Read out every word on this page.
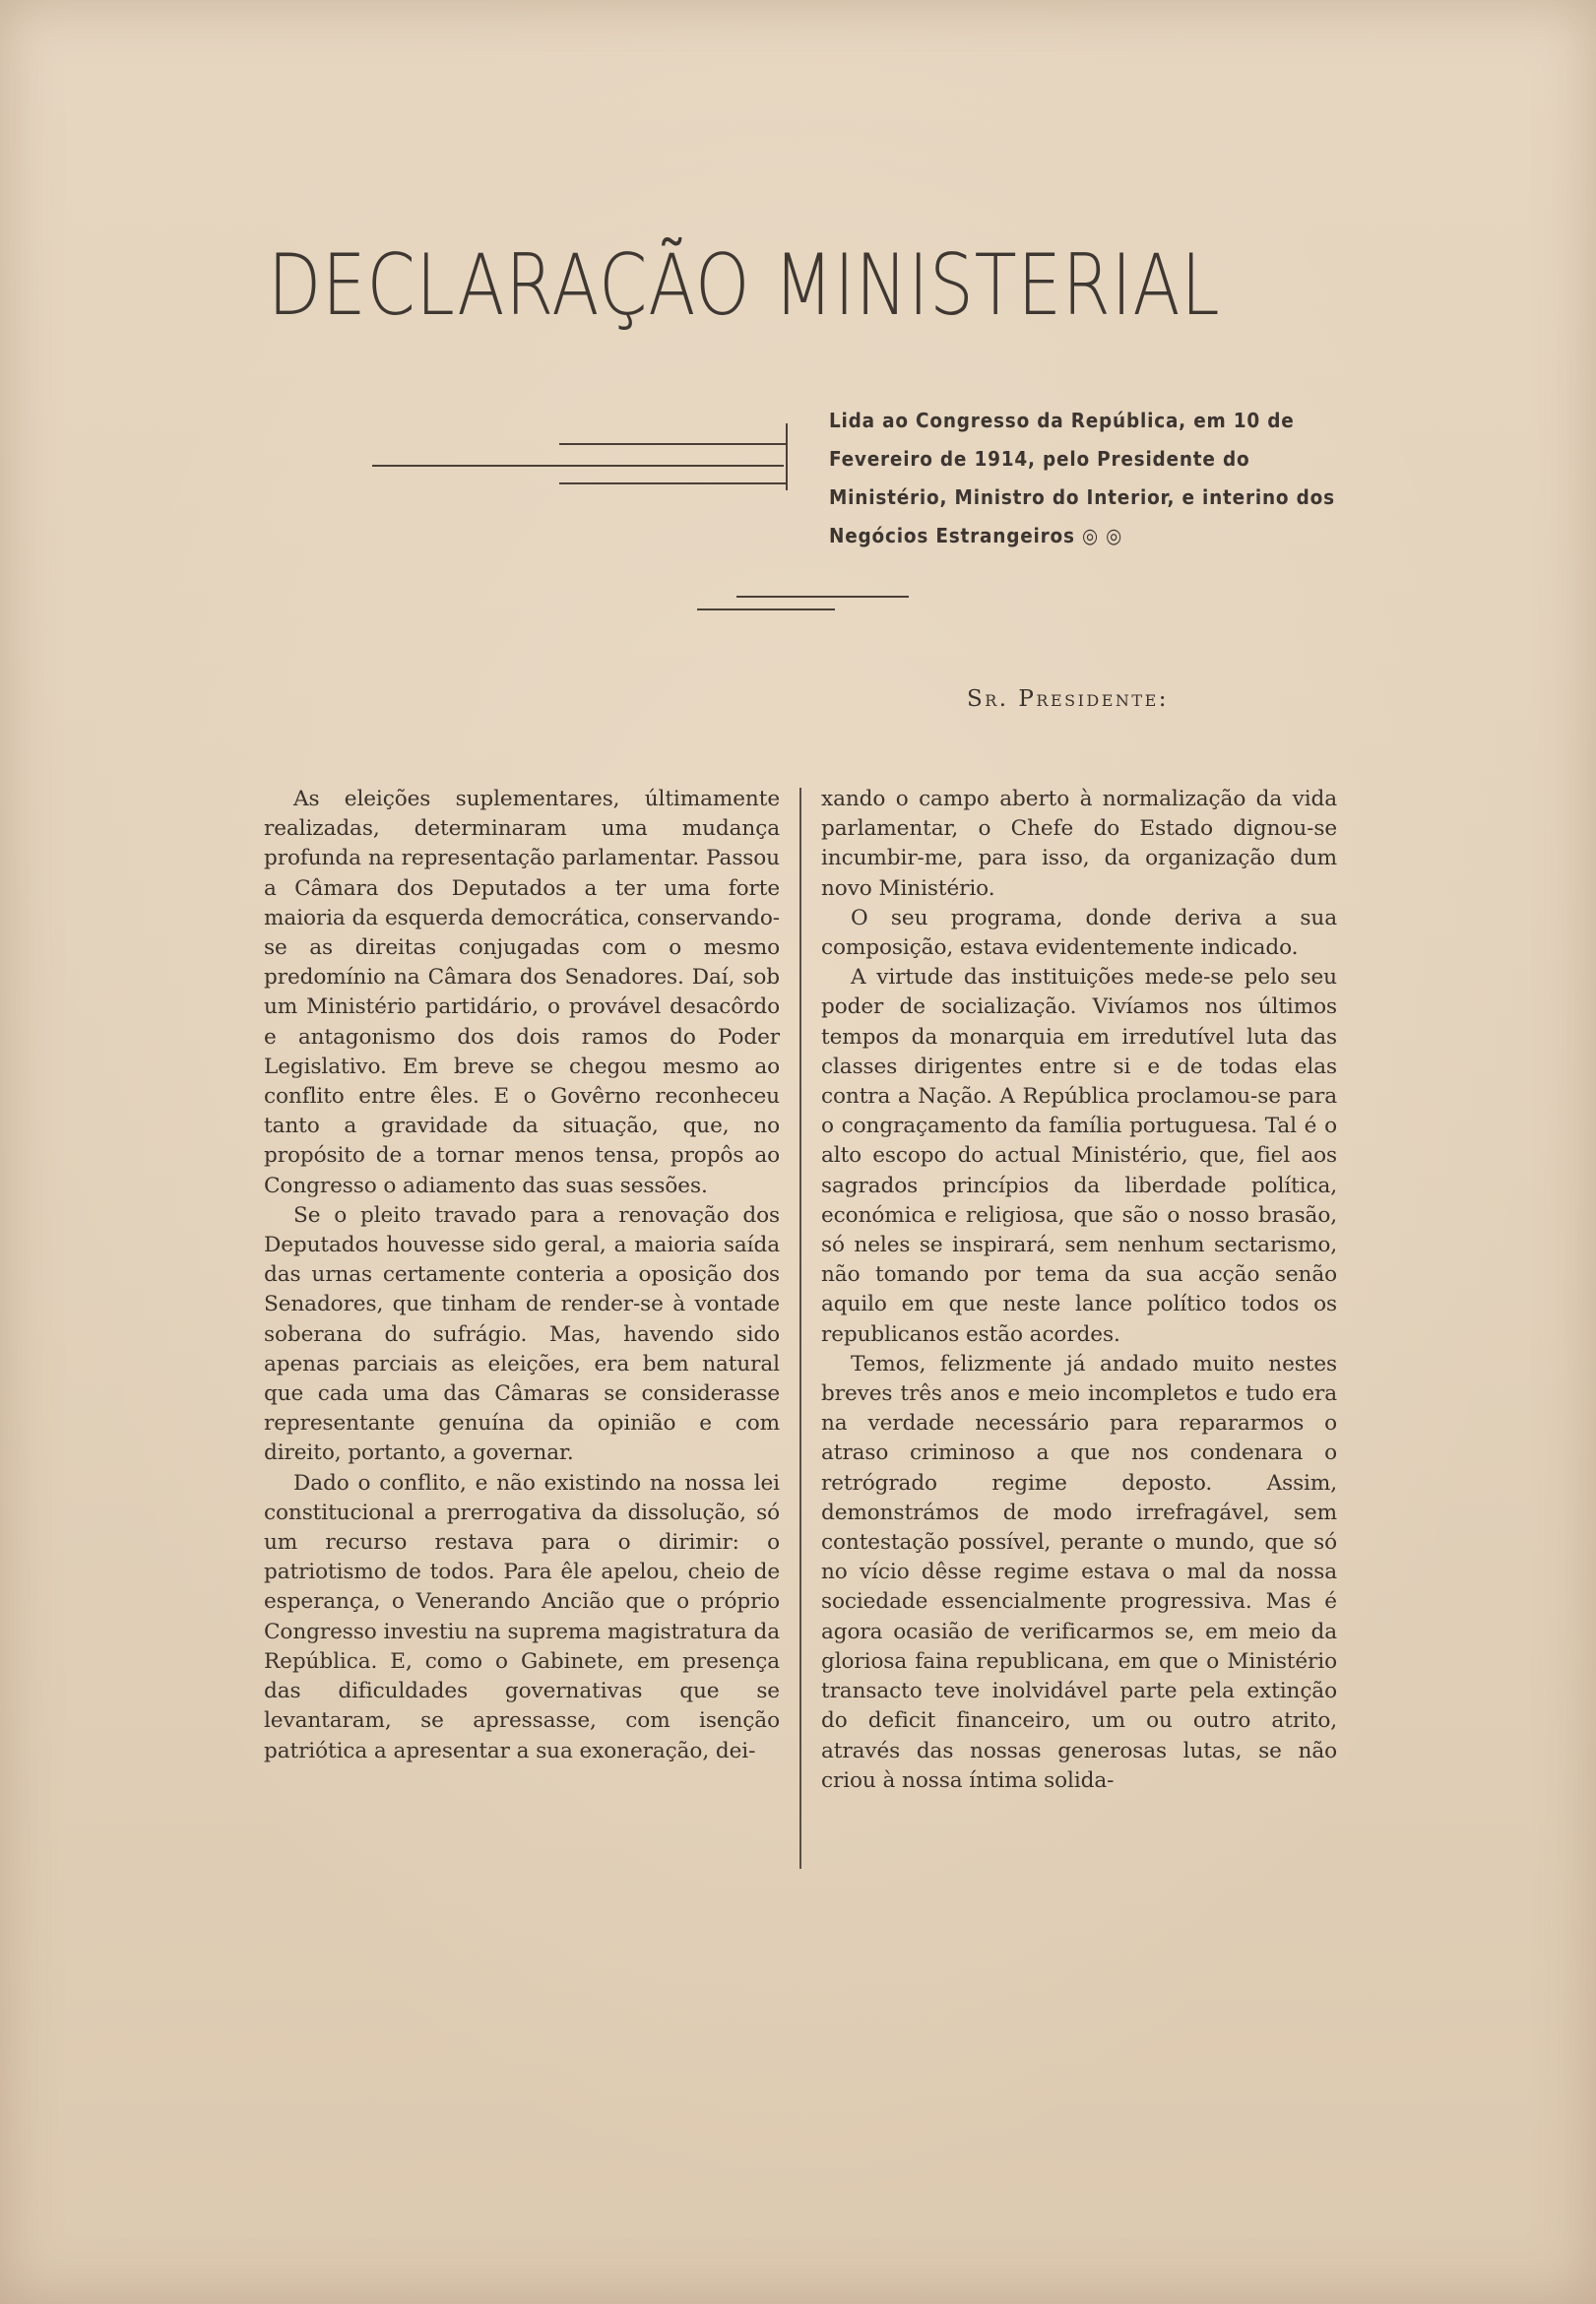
DECLARAÇÃO MINISTERIAL
Lida ao Congresso da República, em 10 de Fevereiro de 1914, pelo Presidente do Ministério, Ministro do Interior, e interino dos Negócios Estrangeiros ◎ ◎
Sr. Presidente:

As eleições suplementares, últimamente realizadas, determinaram uma mudança profunda na representação parlamentar. Passou a Câmara dos Deputados a ter uma forte maioria da esquerda democrática, conservando-se as direitas conjugadas com o mesmo predomínio na Câmara dos Senadores. Daí, sob um Ministério partidário, o provável desacôrdo e antagonismo dos dois ramos do Poder Legislativo. Em breve se chegou mesmo ao conflito entre êles. E o Govêrno reconheceu tanto a gravidade da situação, que, no propósito de a tornar menos tensa, propôs ao Congresso o adiamento das suas sessões.

Se o pleito travado para a renovação dos Deputados houvesse sido geral, a maioria saída das urnas certamente conteria a oposição dos Senadores, que tinham de render-se à vontade soberana do sufrágio. Mas, havendo sido apenas parciais as eleições, era bem natural que cada uma das Câmaras se considerasse representante genuína da opinião e com direito, portanto, a governar.

Dado o conflito, e não existindo na nossa lei constitucional a prerrogativa da dissolução, só um recurso restava para o dirimir: o patriotismo de todos. Para êle apelou, cheio de esperança, o Venerando Ancião que o próprio Congresso investiu na suprema magistratura da República. E, como o Gabinete, em presença das dificuldades governativas que se levantaram, se apressasse, com isenção patriótica a apresentar a sua exoneração, dei-

xando o campo aberto à normalização da vida parlamentar, o Chefe do Estado dignou-se incumbir-me, para isso, da organização dum novo Ministério.

O seu programa, donde deriva a sua composição, estava evidentemente indicado.

A virtude das instituições mede-se pelo seu poder de socialização. Vivíamos nos últimos tempos da monarquia em irredutível luta das classes dirigentes entre si e de todas elas contra a Nação. A República proclamou-se para o congraçamento da família portuguesa. Tal é o alto escopo do actual Ministério, que, fiel aos sagrados princípios da liberdade política, económica e religiosa, que são o nosso brasão, só neles se inspirará, sem nenhum sectarismo, não tomando por tema da sua acção senão aquilo em que neste lance político todos os republicanos estão acordes.

Temos, felizmente já andado muito nestes breves três anos e meio incompletos e tudo era na verdade necessário para repararmos o atraso criminoso a que nos condenara o retrógrado regime deposto. Assim, demonstrámos de modo irrefragável, sem contestação possível, perante o mundo, que só no vício dêsse regime estava o mal da nossa sociedade essencialmente progressiva. Mas é agora ocasião de verificarmos se, em meio da gloriosa faina republicana, em que o Ministério transacto teve inolvidável parte pela extinção do deficit financeiro, um ou outro atrito, através das nossas generosas lutas, se não criou à nossa íntima solida-
